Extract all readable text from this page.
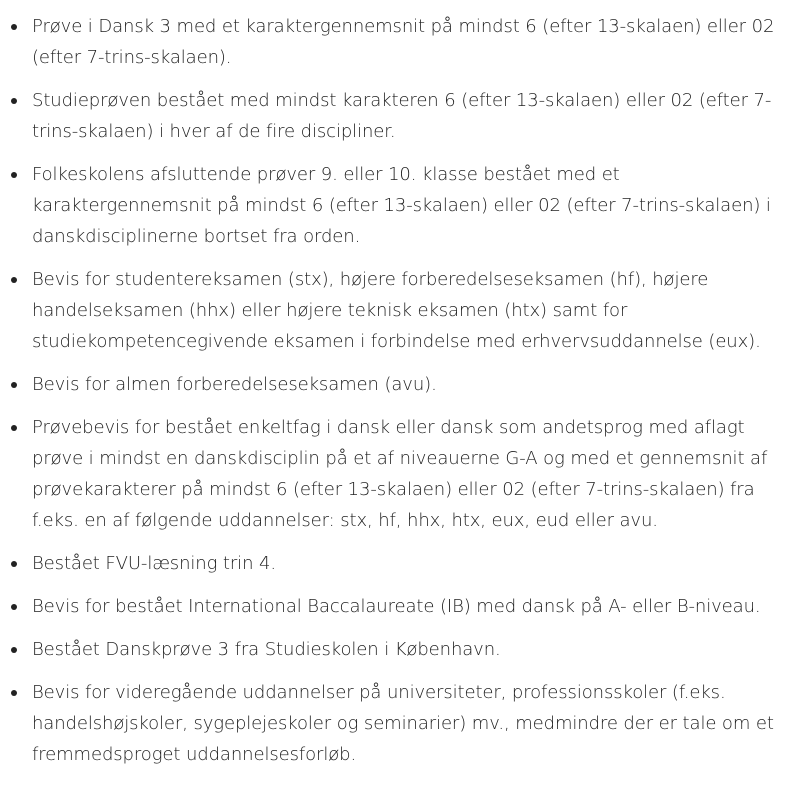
Prøve i Dansk 3 med et karaktergennemsnit på mindst 6 (efter 13-skalaen) eller 02 (efter 7-trins-skalaen).
Studieprøven bestået med mindst karakteren 6 (efter 13-skalaen) eller 02 (efter 7-trins-skalaen) i hver af de fire discipliner.
Folkeskolens afsluttende prøver 9. eller 10. klasse bestået med et karaktergennemsnit på mindst 6 (efter 13-skalaen) eller 02 (efter 7-trins-skalaen) i danskdisciplinerne bortset fra orden.
Bevis for studentereksamen (stx), højere forberedelseseksamen (hf), højere handelseksamen (hhx) eller højere teknisk eksamen (htx) samt for studiekompetencegivende eksamen i forbindelse med erhvervsuddannelse (eux).
Bevis for almen forberedelseseksamen (avu).
Prøvebevis for bestået enkeltfag i dansk eller dansk som andetsprog med aflagt prøve i mindst en danskdisciplin på et af niveauerne G-A og med et gennemsnit af prøvekarakterer på mindst 6 (efter 13-skalaen) eller 02 (efter 7-trins-skalaen) fra f.eks. en af følgende uddannelser: stx, hf, hhx, htx, eux, eud eller avu.
Bestået FVU-læsning trin 4.
Bevis for bestået International Baccalaureate (IB) med dansk på A- eller B-niveau.
Bestået Danskprøve 3 fra Studieskolen i København.
Bevis for videregående uddannelser på universiteter, professionsskoler (f.eks. handelshøjskoler, sygeplejeskoler og seminarier) mv., medmindre der er tale om et fremmedsproget uddannelsesforløb.
